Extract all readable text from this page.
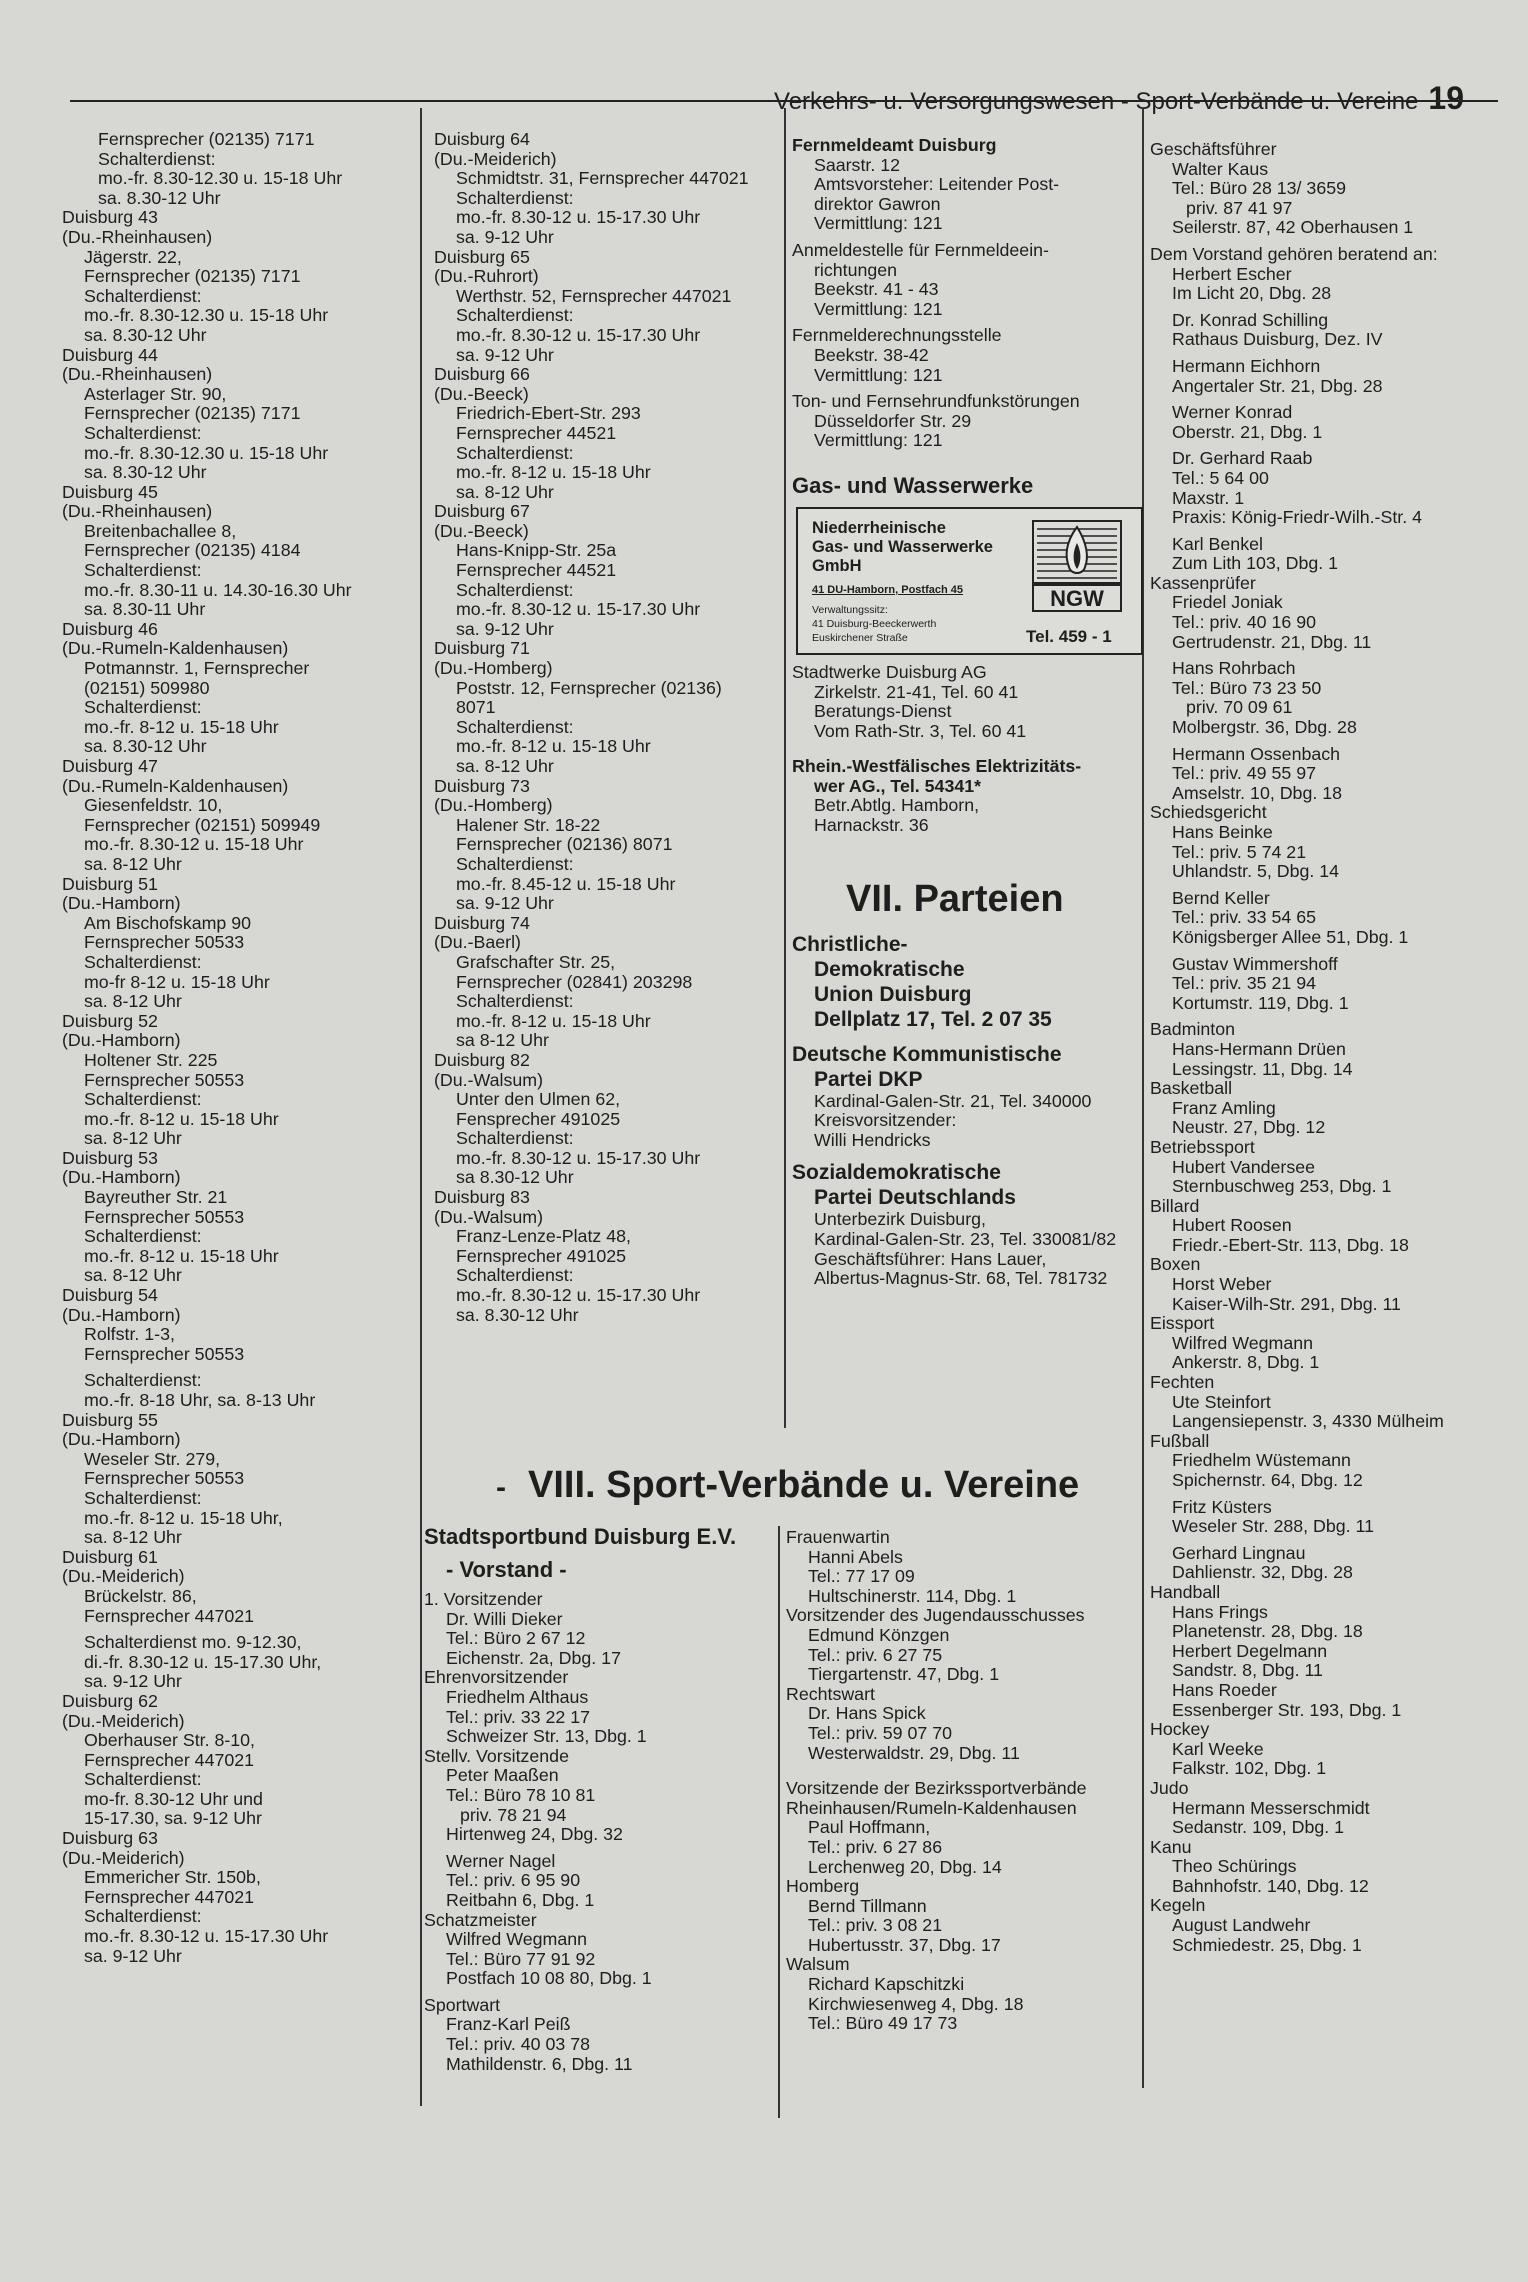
Verkehrs- u. Versorgungswesen - Sport-Verbände u. Vereine 19
Fernsprecher (02135) 7171
Schalterdienst:
mo.-fr. 8.30-12.30 u. 15-18 Uhr
sa. 8.30-12 Uhr
Duisburg 43
(Du.-Rheinhausen)
Jägerstr. 22,
Fernsprecher (02135) 7171
Schalterdienst:
mo.-fr. 8.30-12.30 u. 15-18 Uhr
sa. 8.30-12 Uhr
Duisburg 44
(Du.-Rheinhausen)
Asterlager Str. 90,
Fernsprecher (02135) 7171
Schalterdienst:
mo.-fr. 8.30-12.30 u. 15-18 Uhr
sa. 8.30-12 Uhr
Duisburg 45
(Du.-Rheinhausen)
Breitenbachallee 8,
Fernsprecher (02135) 4184
Schalterdienst:
mo.-fr. 8.30-11 u. 14.30-16.30 Uhr
sa. 8.30-11 Uhr
Duisburg 46
(Du.-Rumeln-Kaldenhausen)
Potmannstr. 1, Fernsprecher
(02151) 509980
Schalterdienst:
mo.-fr. 8-12 u. 15-18 Uhr
sa. 8.30-12 Uhr
Duisburg 47
(Du.-Rumeln-Kaldenhausen)
Giesenfeldstr. 10,
Fernsprecher (02151) 509949
mo.-fr. 8.30-12 u. 15-18 Uhr
sa. 8-12 Uhr
Duisburg 51
(Du.-Hamborn)
Am Bischofskamp 90
Fernsprecher 50533
Schalterdienst:
mo-fr 8-12 u. 15-18 Uhr
sa. 8-12 Uhr
Duisburg 52
(Du.-Hamborn)
Holtener Str. 225
Fernsprecher 50553
Schalterdienst:
mo.-fr. 8-12 u. 15-18 Uhr
sa. 8-12 Uhr
Duisburg 53
(Du.-Hamborn)
Bayreuther Str. 21
Fernsprecher 50553
Schalterdienst:
mo.-fr. 8-12 u. 15-18 Uhr
sa. 8-12 Uhr
Duisburg 54
(Du.-Hamborn)
Rolfstr. 1-3,
Fernsprecher 50553
Schalterdienst:
mo.-fr. 8-18 Uhr, sa. 8-13 Uhr
Duisburg 55
(Du.-Hamborn)
Weseler Str. 279,
Fernsprecher 50553
Schalterdienst:
mo.-fr. 8-12 u. 15-18 Uhr,
sa. 8-12 Uhr
Duisburg 61
(Du.-Meiderich)
Brückelstr. 86,
Fernsprecher 447021
Schalterdienst mo. 9-12.30,
di.-fr. 8.30-12 u. 15-17.30 Uhr,
sa. 9-12 Uhr
Duisburg 62
(Du.-Meiderich)
Oberhauser Str. 8-10,
Fernsprecher 447021
Schalterdienst:
mo-fr. 8.30-12 Uhr und
15-17.30, sa. 9-12 Uhr
Duisburg 63
(Du.-Meiderich)
Emmericher Str. 150b,
Fernsprecher 447021
Schalterdienst:
mo.-fr. 8.30-12 u. 15-17.30 Uhr
sa. 9-12 Uhr
Duisburg 64
(Du.-Meiderich)
Schmidtstr. 31, Fernsprecher 447021
Schalterdienst:
mo.-fr. 8.30-12 u. 15-17.30 Uhr
sa. 9-12 Uhr
Duisburg 65
(Du.-Ruhrort)
Werthstr. 52, Fernsprecher 447021
Schalterdienst:
mo.-fr. 8.30-12 u. 15-17.30 Uhr
sa. 9-12 Uhr
Duisburg 66
(Du.-Beeck)
Friedrich-Ebert-Str. 293
Fernsprecher 44521
Schalterdienst:
mo.-fr. 8-12 u. 15-18 Uhr
sa. 8-12 Uhr
Duisburg 67
(Du.-Beeck)
Hans-Knipp-Str. 25a
Fernsprecher 44521
Schalterdienst:
mo.-fr. 8.30-12 u. 15-17.30 Uhr
sa. 9-12 Uhr
Duisburg 71
(Du.-Homberg)
Poststr. 12, Fernsprecher (02136)
8071
Schalterdienst:
mo.-fr. 8-12 u. 15-18 Uhr
sa. 8-12 Uhr
Duisburg 73
(Du.-Homberg)
Halener Str. 18-22
Fernsprecher (02136) 8071
Schalterdienst:
mo.-fr. 8.45-12 u. 15-18 Uhr
sa. 9-12 Uhr
Duisburg 74
(Du.-Baerl)
Grafschafter Str. 25,
Fernsprecher (02841) 203298
Schalterdienst:
mo.-fr. 8-12 u. 15-18 Uhr
sa 8-12 Uhr
Duisburg 82
(Du.-Walsum)
Unter den Ulmen 62,
Fensprecher 491025
Schalterdienst:
mo.-fr. 8.30-12 u. 15-17.30 Uhr
sa 8.30-12 Uhr
Duisburg 83
(Du.-Walsum)
Franz-Lenze-Platz 48,
Fernsprecher 491025
Schalterdienst:
mo.-fr. 8.30-12 u. 15-17.30 Uhr
sa. 8.30-12 Uhr
Fernmeldeamt Duisburg
Saarstr. 12
Amtsvorsteher: Leitender Post-
direktor Gawron
Vermittlung: 121
Anmeldestelle für Fernmeldeein-
richtungen
Beekstr. 41 - 43
Vermittlung: 121
Fernmelderechnungsstelle
Beekstr. 38-42
Vermittlung: 121
Ton- und Fernsehrundfunkstörungen
Düsseldorfer Str. 29
Vermittlung: 121
Gas- und Wasserwerke
Niederrheinische
Gas- und Wasserwerke
GmbH
41 DU-Hamborn, Postfach 45
Verwaltungssitz:
41 Duisburg-Beeckerwerth
Euskirchener Straße	Tel. 459 - 1
NGW
Stadtwerke Duisburg AG
Zirkelstr. 21-41, Tel. 60 41
Beratungs-Dienst
Vom Rath-Str. 3, Tel. 60 41
Rhein.-Westfälisches Elektrizitäts-
wer AG., Tel. 54341*
Betr.Abtlg. Hamborn,
Harnackstr. 36
VII. Parteien
Christliche-
Demokratische
Union Duisburg
Dellplatz 17, Tel. 2 07 35
Deutsche Kommunistische
Partei DKP
Kardinal-Galen-Str. 21, Tel. 340000
Kreisvorsitzender:
Willi Hendricks
Sozialdemokratische
Partei Deutschlands
Unterbezirk Duisburg,
Kardinal-Galen-Str. 23, Tel. 330081/82
Geschäftsführer: Hans Lauer,
Albertus-Magnus-Str. 68, Tel. 781732
Geschäftsführer
Walter Kaus
Tel.: Büro 28 13/ 3659
priv. 87 41 97
Seilerstr. 87, 42 Oberhausen 1
Dem Vorstand gehören beratend an:
Herbert Escher
Im Licht 20, Dbg. 28
Dr. Konrad Schilling
Rathaus Duisburg, Dez. IV
Hermann Eichhorn
Angertaler Str. 21, Dbg. 28
Werner Konrad
Oberstr. 21, Dbg. 1
Dr. Gerhard Raab
Tel.: 5 64 00
Maxstr. 1
Praxis: König-Friedr-Wilh.-Str. 4
Karl Benkel
Zum Lith 103, Dbg. 1
Kassenprüfer
Friedel Joniak
Tel.: priv. 40 16 90
Gertrudenstr. 21, Dbg. 11
Hans Rohrbach
Tel.: Büro 73 23 50
priv. 70 09 61
Molbergstr. 36, Dbg. 28
Hermann Ossenbach
Tel.: priv. 49 55 97
Amselstr. 10, Dbg. 18
Schiedsgericht
Hans Beinke
Tel.: priv. 5 74 21
Uhlandstr. 5, Dbg. 14
Bernd Keller
Tel.: priv. 33 54 65
Königsberger Allee 51, Dbg. 1
Gustav Wimmershoff
Tel.: priv. 35 21 94
Kortumstr. 119, Dbg. 1
Badminton
Hans-Hermann Drüen
Lessingstr. 11, Dbg. 14
Basketball
Franz Amling
Neustr. 27, Dbg. 12
Betriebssport
Hubert Vandersee
Sternbuschweg 253, Dbg. 1
Billard
Hubert Roosen
Friedr.-Ebert-Str. 113, Dbg. 18
Boxen
Horst Weber
Kaiser-Wilh-Str. 291, Dbg. 11
Eissport
Wilfred Wegmann
Ankerstr. 8, Dbg. 1
Fechten
Ute Steinfort
Langensiepenstr. 3, 4330 Mülheim
Fußball
Friedhelm Wüstemann
Spichernstr. 64, Dbg. 12
Fritz Küsters
Weseler Str. 288, Dbg. 11
Gerhard Lingnau
Dahlienstr. 32, Dbg. 28
Handball
Hans Frings
Planetenstr. 28, Dbg. 18
Herbert Degelmann
Sandstr. 8, Dbg. 11
Hans Roeder
Essenberger Str. 193, Dbg. 1
Hockey
Karl Weeke
Falkstr. 102, Dbg. 1
Judo
Hermann Messerschmidt
Sedanstr. 109, Dbg. 1
Kanu
Theo Schürings
Bahnhofstr. 140, Dbg. 12
Kegeln
August Landwehr
Schmiedestr. 25, Dbg. 1
- VIII. Sport-Verbände u. Vereine
Stadtsportbund Duisburg E.V.
- Vorstand -
1. Vorsitzender
Dr. Willi Dieker
Tel.: Büro 2 67 12
Eichenstr. 2a, Dbg. 17
Ehrenvorsitzender
Friedhelm Althaus
Tel.: priv. 33 22 17
Schweizer Str. 13, Dbg. 1
Stellv. Vorsitzende
Peter Maaßen
Tel.: Büro 78 10 81
priv. 78 21 94
Hirtenweg 24, Dbg. 32
Werner Nagel
Tel.: priv. 6 95 90
Reitbahn 6, Dbg. 1
Schatzmeister
Wilfred Wegmann
Tel.: Büro 77 91 92
Postfach 10 08 80, Dbg. 1
Sportwart
Franz-Karl Peiß
Tel.: priv. 40 03 78
Mathildenstr. 6, Dbg. 11
Frauenwartin
Hanni Abels
Tel.: 77 17 09
Hultschinerstr. 114, Dbg. 1
Vorsitzender des Jugendausschusses
Edmund Könzgen
Tel.: priv. 6 27 75
Tiergartenstr. 47, Dbg. 1
Rechtswart
Dr. Hans Spick
Tel.: priv. 59 07 70
Westerwaldstr. 29, Dbg. 11
Vorsitzende der Bezirkssportverbände
Rheinhausen/Rumeln-Kaldenhausen
Paul Hoffmann,
Tel.: priv. 6 27 86
Lerchenweg 20, Dbg. 14
Homberg
Bernd Tillmann
Tel.: priv. 3 08 21
Hubertusstr. 37, Dbg. 17
Walsum
Richard Kapschitzki
Kirchwiesenweg 4, Dbg. 18
Tel.: Büro 49 17 73
